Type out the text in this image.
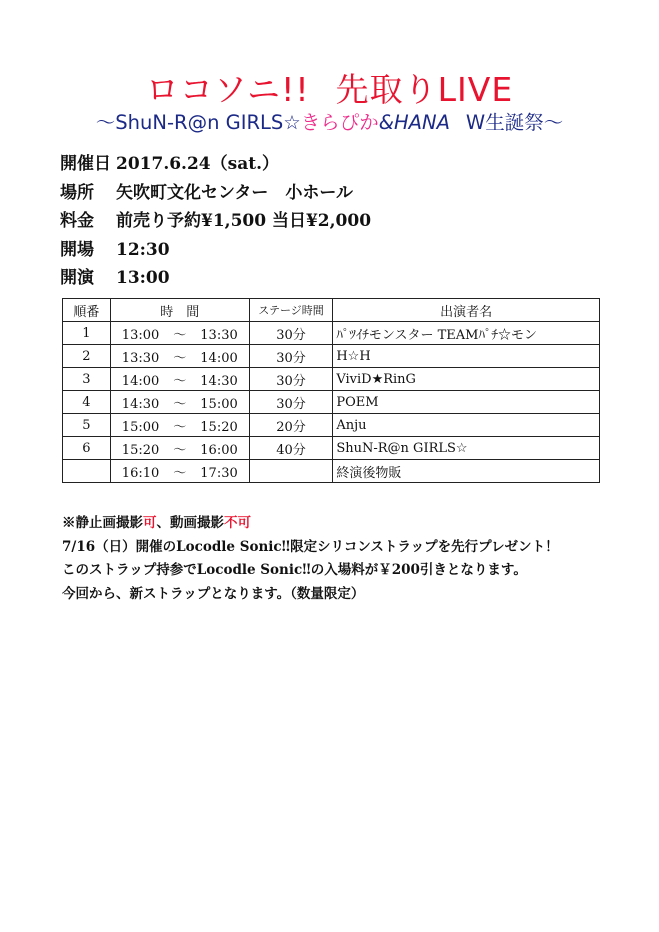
ロコソニ!! 先取りLIVE
～ShuN-R@n GIRLS☆きらぴか&HANA W生誕祭～
開催日 2017.6.24（sat.）
場所 矢吹町文化センター　小ホール
料金 前売り予約¥1,500 当日¥2,000
開場 12:30
開演 13:00
順番	時　間	ステージ時間	出演者名
1	13:00 ～ 13:30	30分	ﾊﾟﾂｲﾁモンスター TEAMﾊﾟﾁ☆モン
2	13:30 ～ 14:00	30分	H☆H
3	14:00 ～ 14:30	30分	ViviD★RinG
4	14:30 ～ 15:00	30分	POEM
5	15:00 ～ 15:20	20分	Anju
6	15:20 ～ 16:00	40分	ShuN-R@n GIRLS☆
	16:10 ～ 17:30		終演後物販
※静止画撮影可、動画撮影不可
7/16（日）開催のLocodle Sonic‼限定シリコンストラップを先行プレゼント！
このストラップ持参でLocodle Sonic‼の入場料が￥200引きとなります。
今回から、新ストラップとなります。（数量限定）
